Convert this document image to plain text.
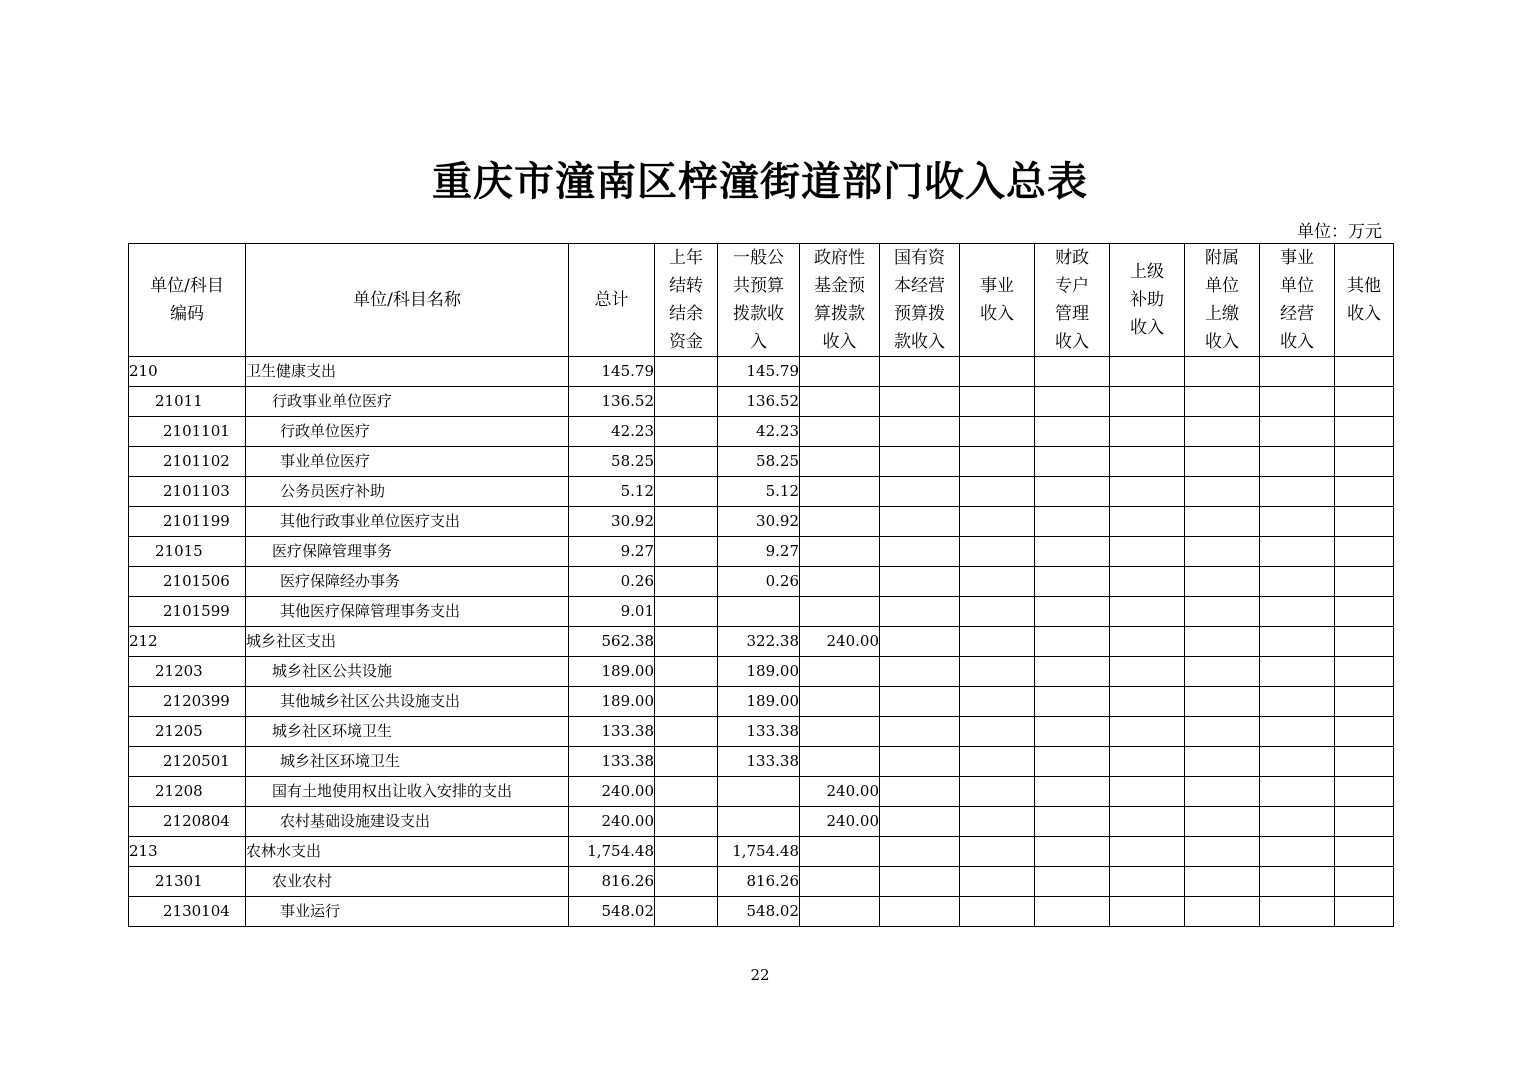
重庆市潼南区梓潼街道部门收入总表
单位：万元
单位/科目编码	单位/科目名称	总计	上年结转结余资金	一般公共预算拨款收入	政府性基金预算拨款收入	国有资本经营预算拨款收入	事业收入	财政专户管理收入	上级补助收入	附属单位上缴收入	事业单位经营收入	其他收入

210	卫生健康支出	145.79		145.79								
21011	行政事业单位医疗	136.52		136.52								
2101101	行政单位医疗	42.23		42.23								
2101102	事业单位医疗	58.25		58.25								
2101103	公务员医疗补助	5.12		5.12								
2101199	其他行政事业单位医疗支出	30.92		30.92								
21015	医疗保障管理事务	9.27		9.27								
2101506	医疗保障经办事务	0.26		0.26								
2101599	其他医疗保障管理事务支出	9.01										
212	城乡社区支出	562.38		322.38	240.00							
21203	城乡社区公共设施	189.00		189.00								
2120399	其他城乡社区公共设施支出	189.00		189.00								
21205	城乡社区环境卫生	133.38		133.38								
2120501	城乡社区环境卫生	133.38		133.38								
21208	国有土地使用权出让收入安排的支出	240.00			240.00							
2120804	农村基础设施建设支出	240.00			240.00							
213	农林水支出	1,754.48		1,754.48								
21301	农业农村	816.26		816.26								
2130104	事业运行	548.02		548.02								
22
